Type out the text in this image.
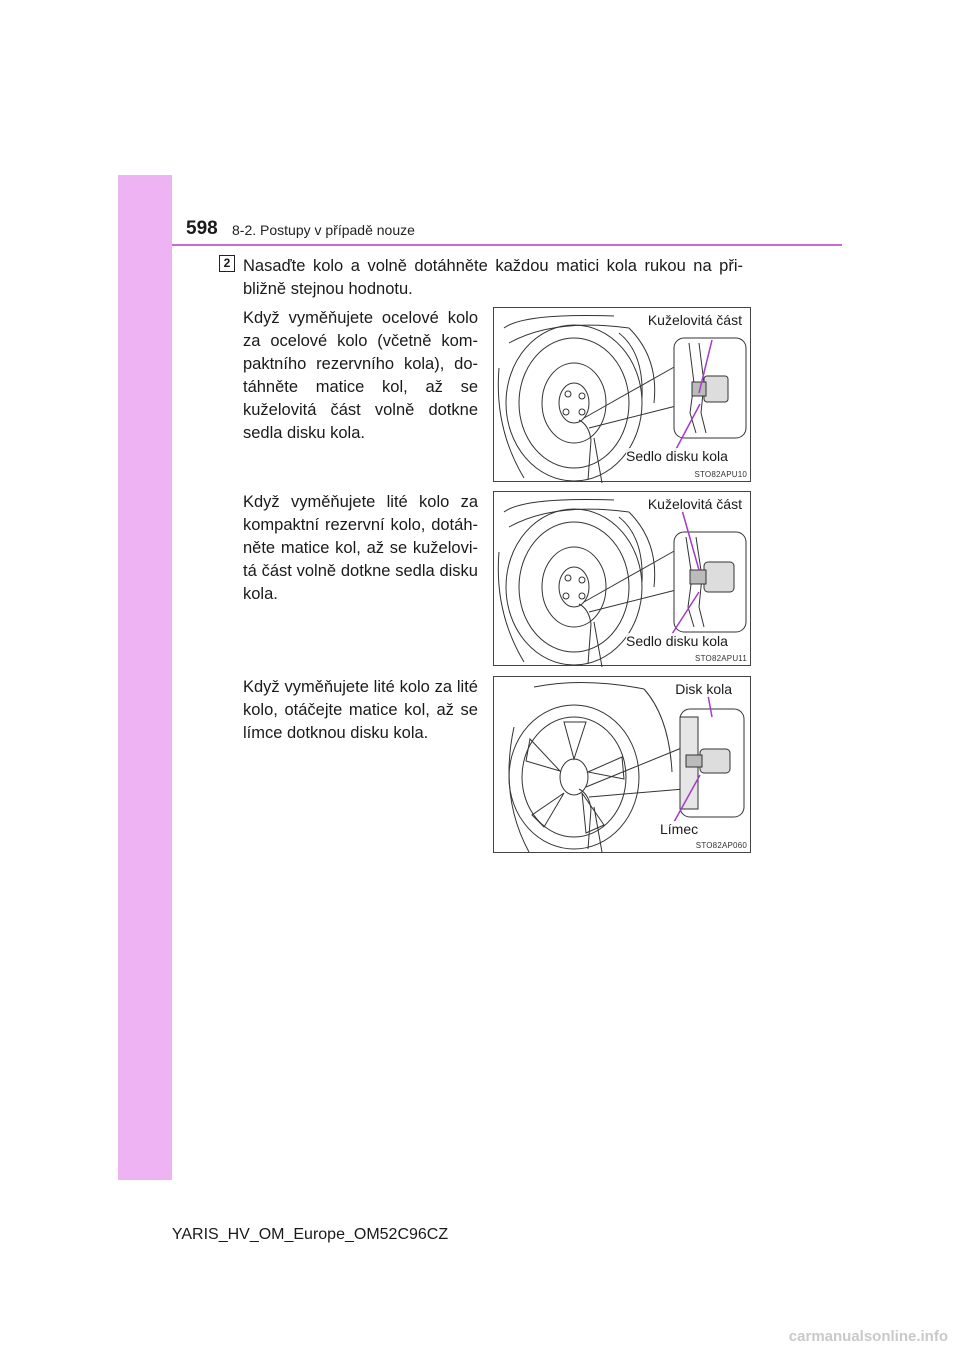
598 8-2. Postupy v případě nouze
2 Nasaďte kolo a volně dotáhněte každou matici kola rukou na přibližně stejnou hodnotu.
Když vyměňujete ocelové kolo za ocelové kolo (včetně kompaktního rezervního kola), dotáhněte matice kol, až se kuželovitá část volně dotkne sedla disku kola.
Když vyměňujete lité kolo za kompaktní rezervní kolo, dotáhněte matice kol, až se kuželovitá část volně dotkne sedla disku kola.
Když vyměňujete lité kolo za lité kolo, otáčejte matice kol, až se límce dotknou disku kola.
Kuželovitá část
Sedlo disku kola
STO82APU10
Kuželovitá část
Sedlo disku kola
STO82APU11
Disk kola
Límec
STO82AP060
YARIS_HV_OM_Europe_OM52C96CZ
carmanualsonline.info
